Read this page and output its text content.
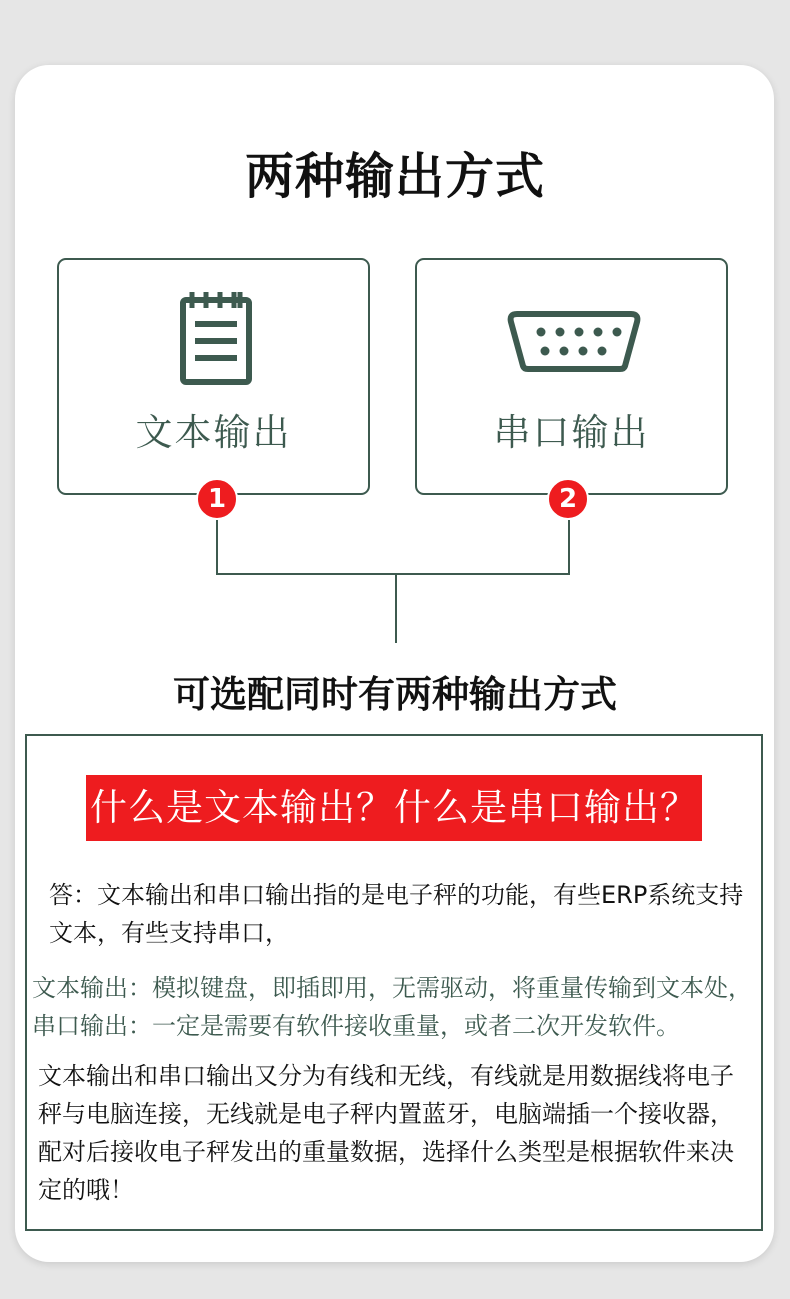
两种输出方式
文本输出
1
串口输出
2
可选配同时有两种输出方式
什么是文本输出？什么是串口输出？
答：文本输出和串口输出指的是电子秤的功能，有些ERP系统支持文本，有些支持串口，
文本输出：模拟键盘，即插即用，无需驱动，将重量传输到文本处，
串口输出：一定是需要有软件接收重量，或者二次开发软件。
文本输出和串口输出又分为有线和无线，有线就是用数据线将电子秤与电脑连接，无线就是电子秤内置蓝牙，电脑端插一个接收器，配对后接收电子秤发出的重量数据，选择什么类型是根据软件来决定的哦！
